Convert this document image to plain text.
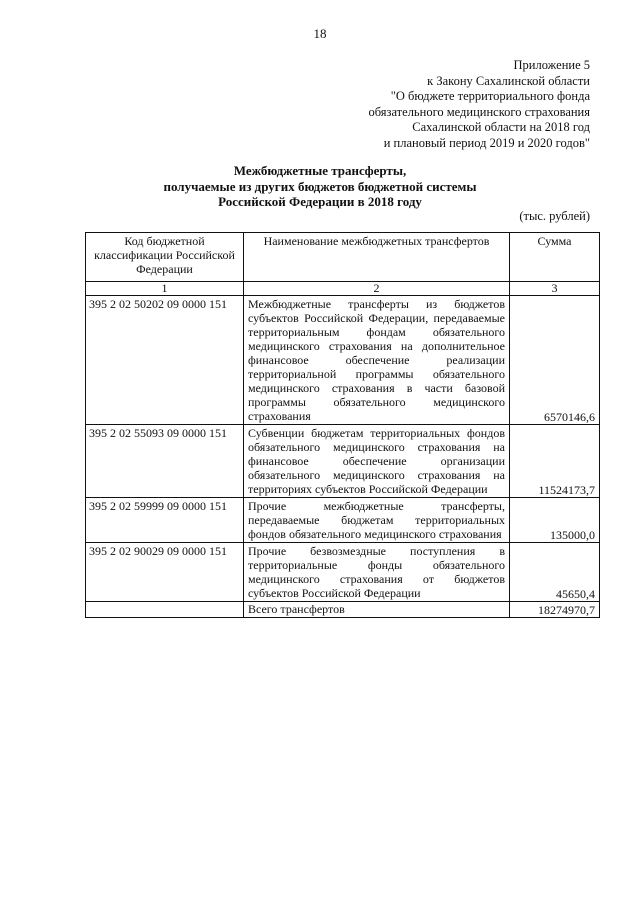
18
Приложение 5
к Закону Сахалинской области
"О бюджете территориального фонда
обязательного медицинского страхования
Сахалинской области на 2018 год
и плановый период 2019 и 2020 годов"
Межбюджетные трансферты,
получаемые из других бюджетов бюджетной системы
Российской Федерации в 2018 году
(тыс. рублей)
Код бюджетной классификации Российской Федерации	Наименование межбюджетных трансфертов	Сумма
1	2	3
395 2 02 50202 09 0000 151	Межбюджетные трансферты из бюджетов субъектов Российской Федерации, передаваемые территориальным фондам обязательного медицинского страхования на дополнительное финансовое обеспечение реализации территориальной программы обязательного медицинского страхования в части базовой программы обязательного медицинского страхования	6570146,6
395 2 02 55093 09 0000 151	Субвенции бюджетам территориальных фондов обязательного медицинского страхования на финансовое обеспечение организации обязательного медицинского страхования на территориях субъектов Российской Федерации	11524173,7
395 2 02 59999 09 0000 151	Прочие межбюджетные трансферты, передаваемые бюджетам территориальных фондов обязательного медицинского страхования	135000,0
395 2 02 90029 09 0000 151	Прочие безвозмездные поступления в территориальные фонды обязательного медицинского страхования от бюджетов субъектов Российской Федерации	45650,4
	Всего трансфертов	18274970,7
